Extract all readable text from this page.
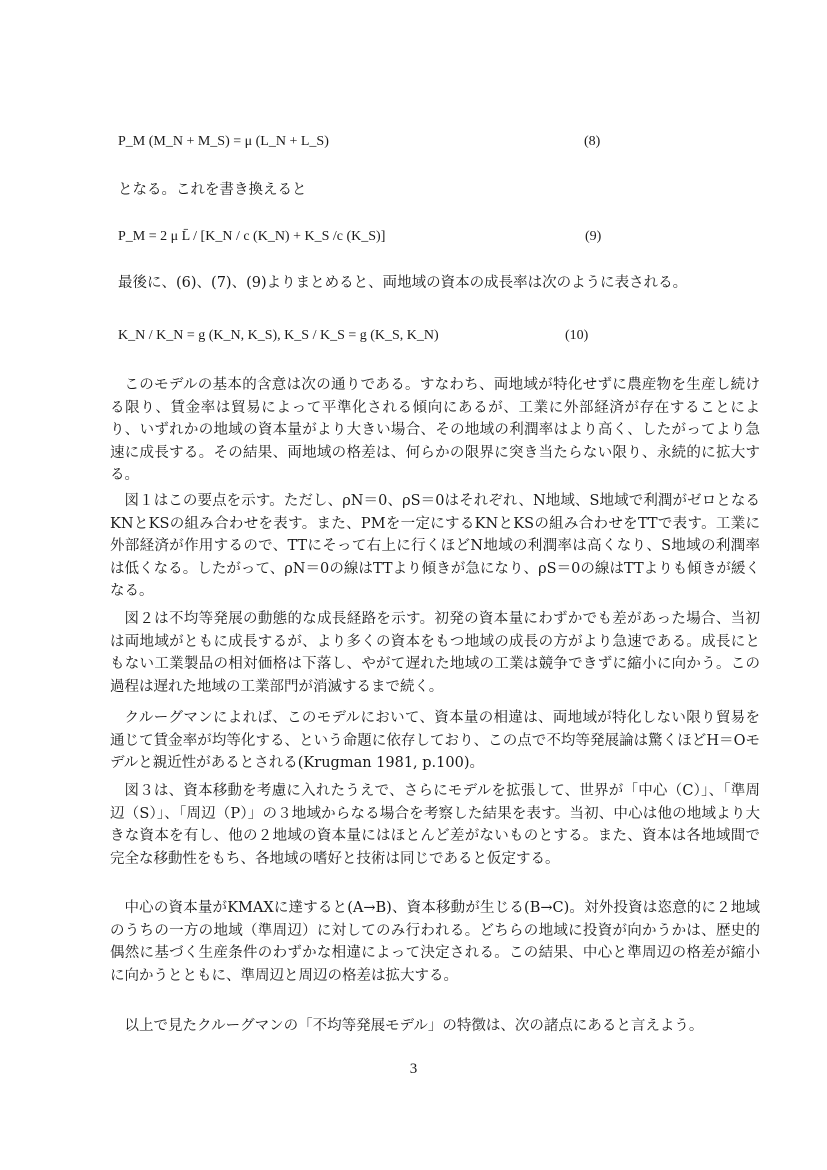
P_M (M_N + M_S) = μ (L_N + L_S)	(8)
となる。これを書き換えると
P_M = 2 μ L̄ / [K_N / c (K_N) + K_S /c (K_S)]	(9)
最後に、(6)、(7)、(9)よりまとめると、両地域の資本の成長率は次のように表される。
K_N / K_N = g (K_N, K_S), K_S / K_S = g (K_S, K_N)	(10)

このモデルの基本的含意は次の通りである。すなわち、両地域が特化せずに農産物を生産し続ける限り、賃金率は貿易によって平準化される傾向にあるが、工業に外部経済が存在することにより、いずれかの地域の資本量がより大きい場合、その地域の利潤率はより高く、したがってより急速に成長する。その結果、両地域の格差は、何らかの限界に突き当たらない限り、永続的に拡大する。

図１はこの要点を示す。ただし、ρN＝0、ρS＝0はそれぞれ、N地域、S地域で利潤がゼロとなるKNとKSの組み合わせを表す。また、PMを一定にするKNとKSの組み合わせをTTで表す。工業に外部経済が作用するので、TTにそって右上に行くほどN地域の利潤率は高くなり、S地域の利潤率は低くなる。したがって、ρN＝0の線はTTより傾きが急になり、ρS＝0の線はTTよりも傾きが緩くなる。

図２は不均等発展の動態的な成長経路を示す。初発の資本量にわずかでも差があった場合、当初は両地域がともに成長するが、より多くの資本をもつ地域の成長の方がより急速である。成長にともない工業製品の相対価格は下落し、やがて遅れた地域の工業は競争できずに縮小に向かう。この過程は遅れた地域の工業部門が消滅するまで続く。

クルーグマンによれば、このモデルにおいて、資本量の相違は、両地域が特化しない限り貿易を通じて賃金率が均等化する、という命題に依存しており、この点で不均等発展論は驚くほどH＝Oモデルと親近性があるとされる(Krugman 1981, p.100)。

図３は、資本移動を考慮に入れたうえで、さらにモデルを拡張して、世界が「中心（C）」、「準周辺（S）」、「周辺（P）」の３地域からなる場合を考察した結果を表す。当初、中心は他の地域より大きな資本を有し、他の２地域の資本量にはほとんど差がないものとする。また、資本は各地域間で完全な移動性をもち、各地域の嗜好と技術は同じであると仮定する。

中心の資本量がKMAXに達すると(A→B)、資本移動が生じる(B→C)。対外投資は恣意的に２地域のうちの一方の地域（準周辺）に対してのみ行われる。どちらの地域に投資が向かうかは、歴史的偶然に基づく生産条件のわずかな相違によって決定される。この結果、中心と準周辺の格差が縮小に向かうとともに、準周辺と周辺の格差は拡大する。

以上で見たクルーグマンの「不均等発展モデル」の特徴は、次の諸点にあると言えよう。

3
